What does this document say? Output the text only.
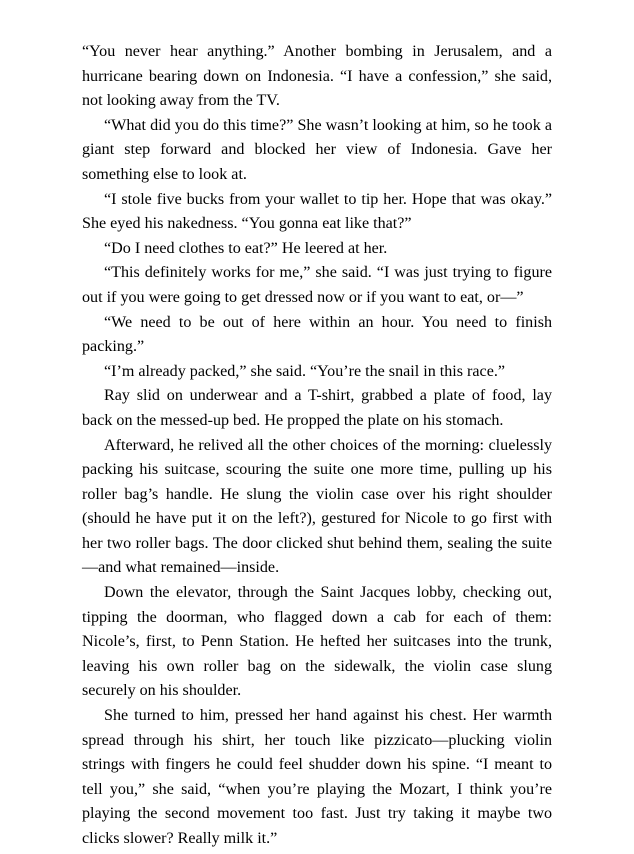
“You never hear anything.” Another bombing in Jerusalem, and a hurricane bearing down on Indonesia. “I have a confession,” she said, not looking away from the TV.

“What did you do this time?” She wasn’t looking at him, so he took a giant step forward and blocked her view of Indonesia. Gave her something else to look at.

“I stole five bucks from your wallet to tip her. Hope that was okay.” She eyed his nakedness. “You gonna eat like that?”

“Do I need clothes to eat?” He leered at her.

“This definitely works for me,” she said. “I was just trying to figure out if you were going to get dressed now or if you want to eat, or—”

“We need to be out of here within an hour. You need to finish packing.”

“I’m already packed,” she said. “You’re the snail in this race.”

Ray slid on underwear and a T-shirt, grabbed a plate of food, lay back on the messed-up bed. He propped the plate on his stomach.

Afterward, he relived all the other choices of the morning: cluelessly packing his suitcase, scouring the suite one more time, pulling up his roller bag’s handle. He slung the violin case over his right shoulder (should he have put it on the left?), gestured for Nicole to go first with her two roller bags. The door clicked shut behind them, sealing the suite—and what remained—inside.

Down the elevator, through the Saint Jacques lobby, checking out, tipping the doorman, who flagged down a cab for each of them: Nicole’s, first, to Penn Station. He hefted her suitcases into the trunk, leaving his own roller bag on the sidewalk, the violin case slung securely on his shoulder.

She turned to him, pressed her hand against his chest. Her warmth spread through his shirt, her touch like pizzicato—plucking violin strings with fingers he could feel shudder down his spine. “I meant to tell you,” she said, “when you’re playing the Mozart, I think you’re playing the second movement too fast. Just try taking it maybe two clicks slower? Really milk it.”
